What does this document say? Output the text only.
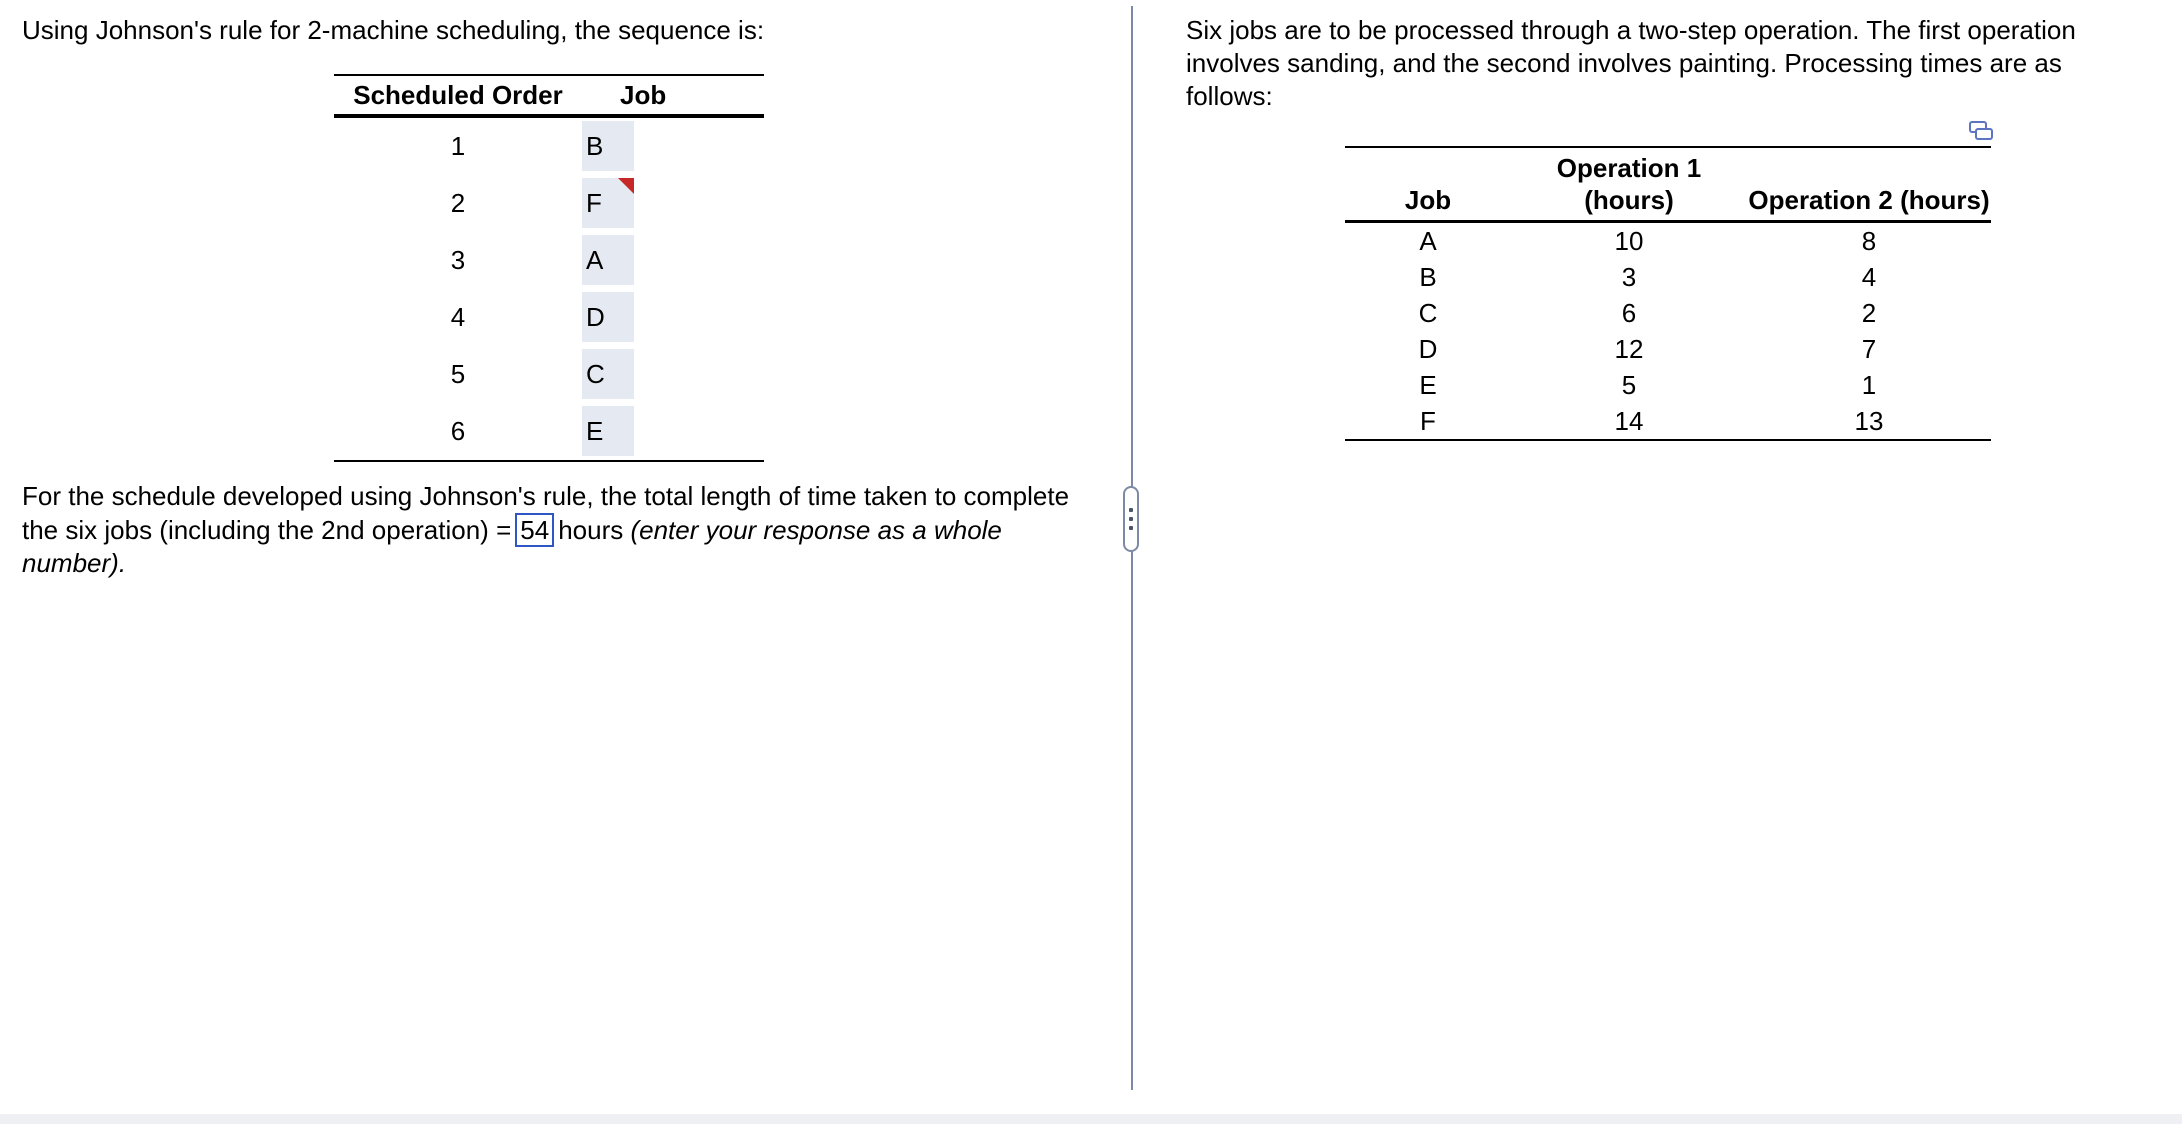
Using Johnson's rule for 2-machine scheduling, the sequence is:
Scheduled Order	Job
1	B

2	F

3	A

4	D

5	C

6	E
For the schedule developed using Johnson's rule, the total length of time taken to complete the six jobs (including the 2nd operation) = 54 hours (enter your response as a whole number).
Six jobs are to be processed through a two-step operation. The first operation involves sanding, and the second involves painting. Processing times are as follows:
Job	Operation 1 (hours)	Operation 2 (hours)
A	10	8
B	3	4
C	6	2
D	12	7
E	5	1
F	14	13
